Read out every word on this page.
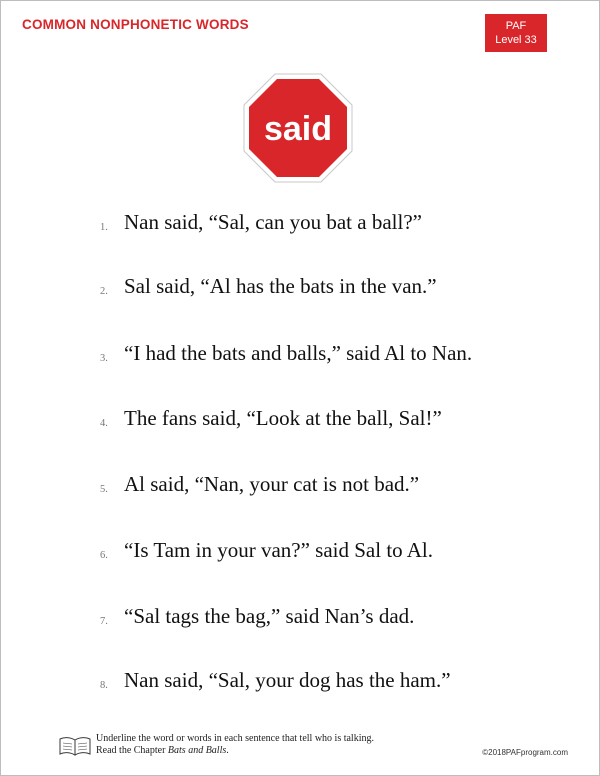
COMMON NONPHONETIC WORDS	PAF
Level 33
said
1. Nan said, “Sal, can you bat a ball?”
2. Sal said, “Al has the bats in the van.”
3. “I had the bats and balls,” said Al to Nan.
4. The fans said, “Look at the ball, Sal!”
5. Al said, “Nan, your cat is not bad.”
6. “Is Tam in your van?” said Sal to Al.
7. “Sal tags the bag,” said Nan’s dad.
8. Nan said, “Sal, your dog has the ham.”
Underline the word or words in each sentence that tell who is talking.
Read the Chapter Bats and Balls.	©2018PAFprogram.com
